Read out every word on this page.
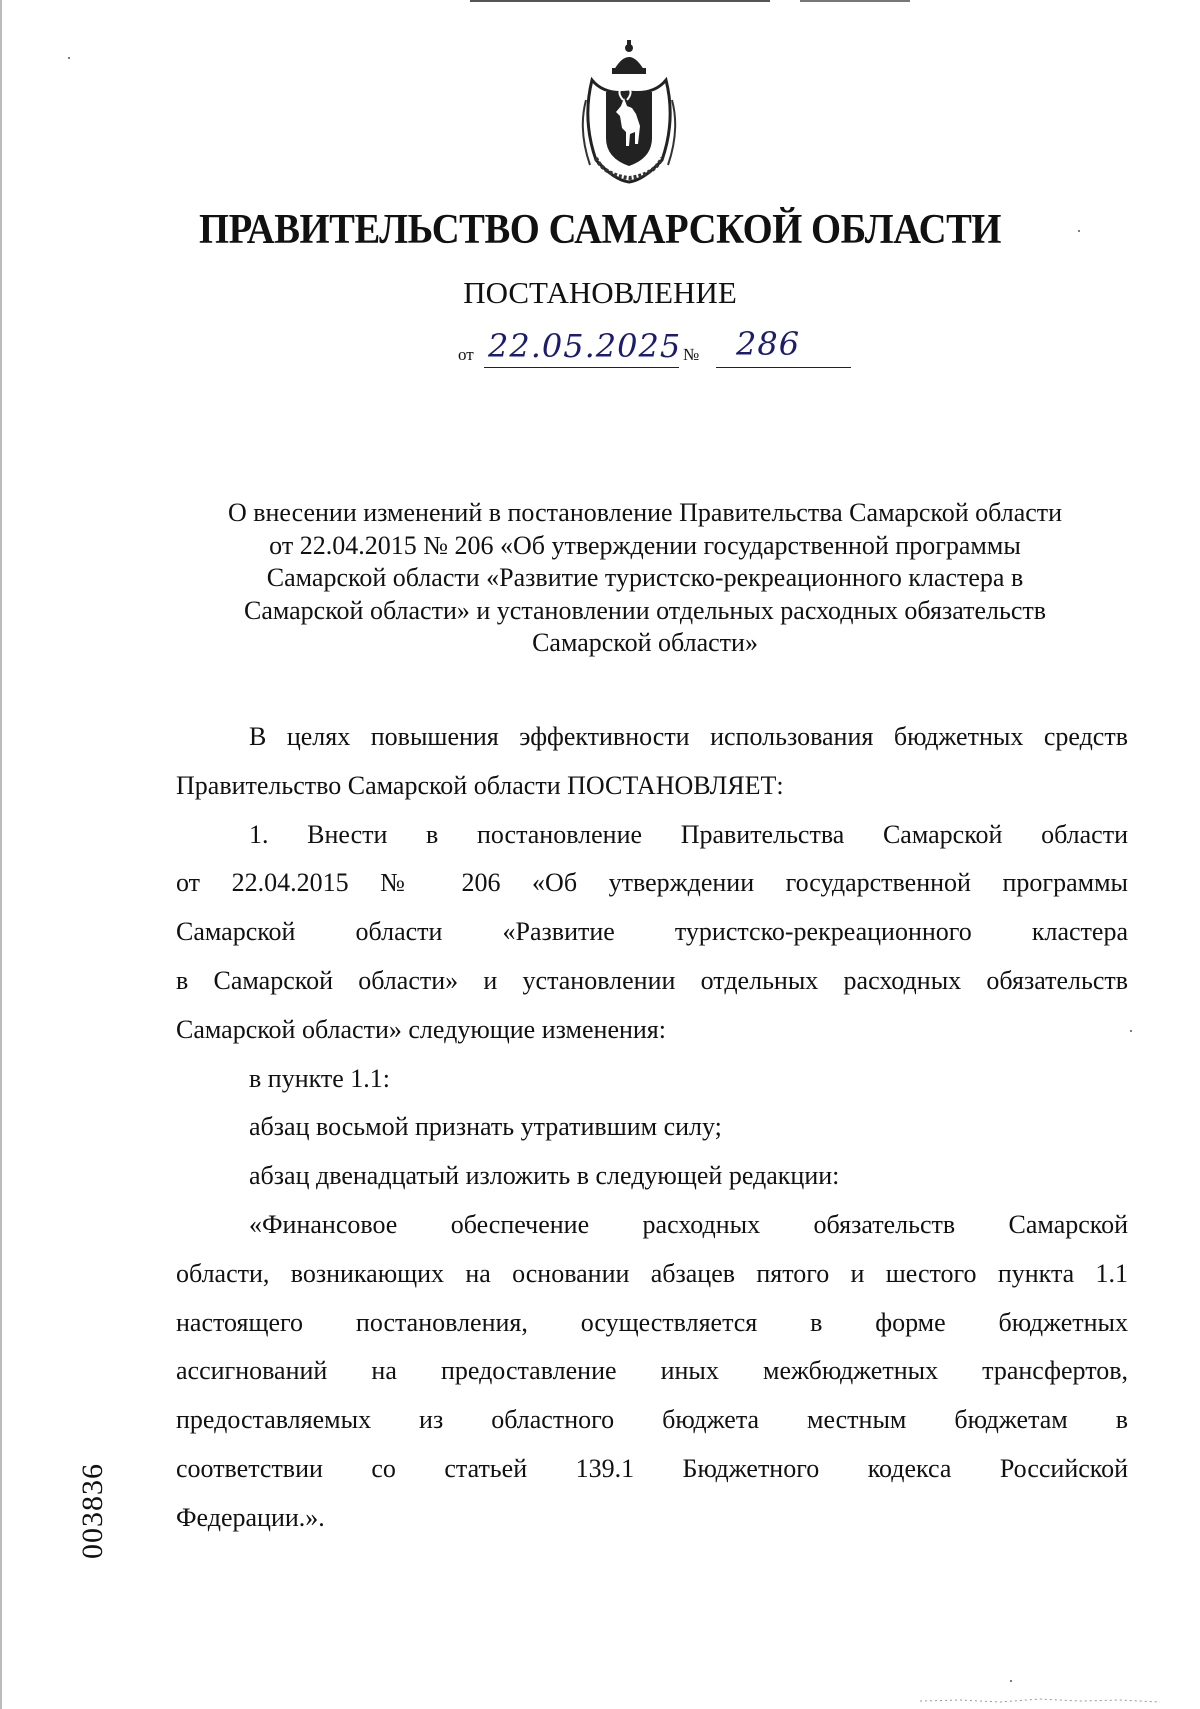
ПРАВИТЕЛЬСТВО САМАРСКОЙ ОБЛАСТИ
ПОСТАНОВЛЕНИЕ
от 22.05.2025 № 286
О внесении изменений в постановление Правительства Самарской области
от 22.04.2015 № 206 «Об утверждении государственной программы
Самарской области «Развитие туристско-рекреационного кластера в
Самарской области» и установлении отдельных расходных обязательств
Самарской области»
В целях повышения эффективности использования бюджетных средств
Правительство Самарской области ПОСТАНОВЛЯЕТ:
1. Внести в постановление Правительства Самарской области
от 22.04.2015 № 206 «Об утверждении государственной программы
Самарской области «Развитие туристско-рекреационного кластера
в Самарской области» и установлении отдельных расходных обязательств
Самарской области» следующие изменения:
в пункте 1.1:
абзац восьмой признать утратившим силу;
абзац двенадцатый изложить в следующей редакции:
«Финансовое обеспечение расходных обязательств Самарской
области, возникающих на основании абзацев пятого и шестого пункта 1.1
настоящего постановления, осуществляется в форме бюджетных
ассигнований на предоставление иных межбюджетных трансфертов,
предоставляемых из областного бюджета местным бюджетам в
соответствии со статьей 139.1 Бюджетного кодекса Российской
Федерации.».
003836
